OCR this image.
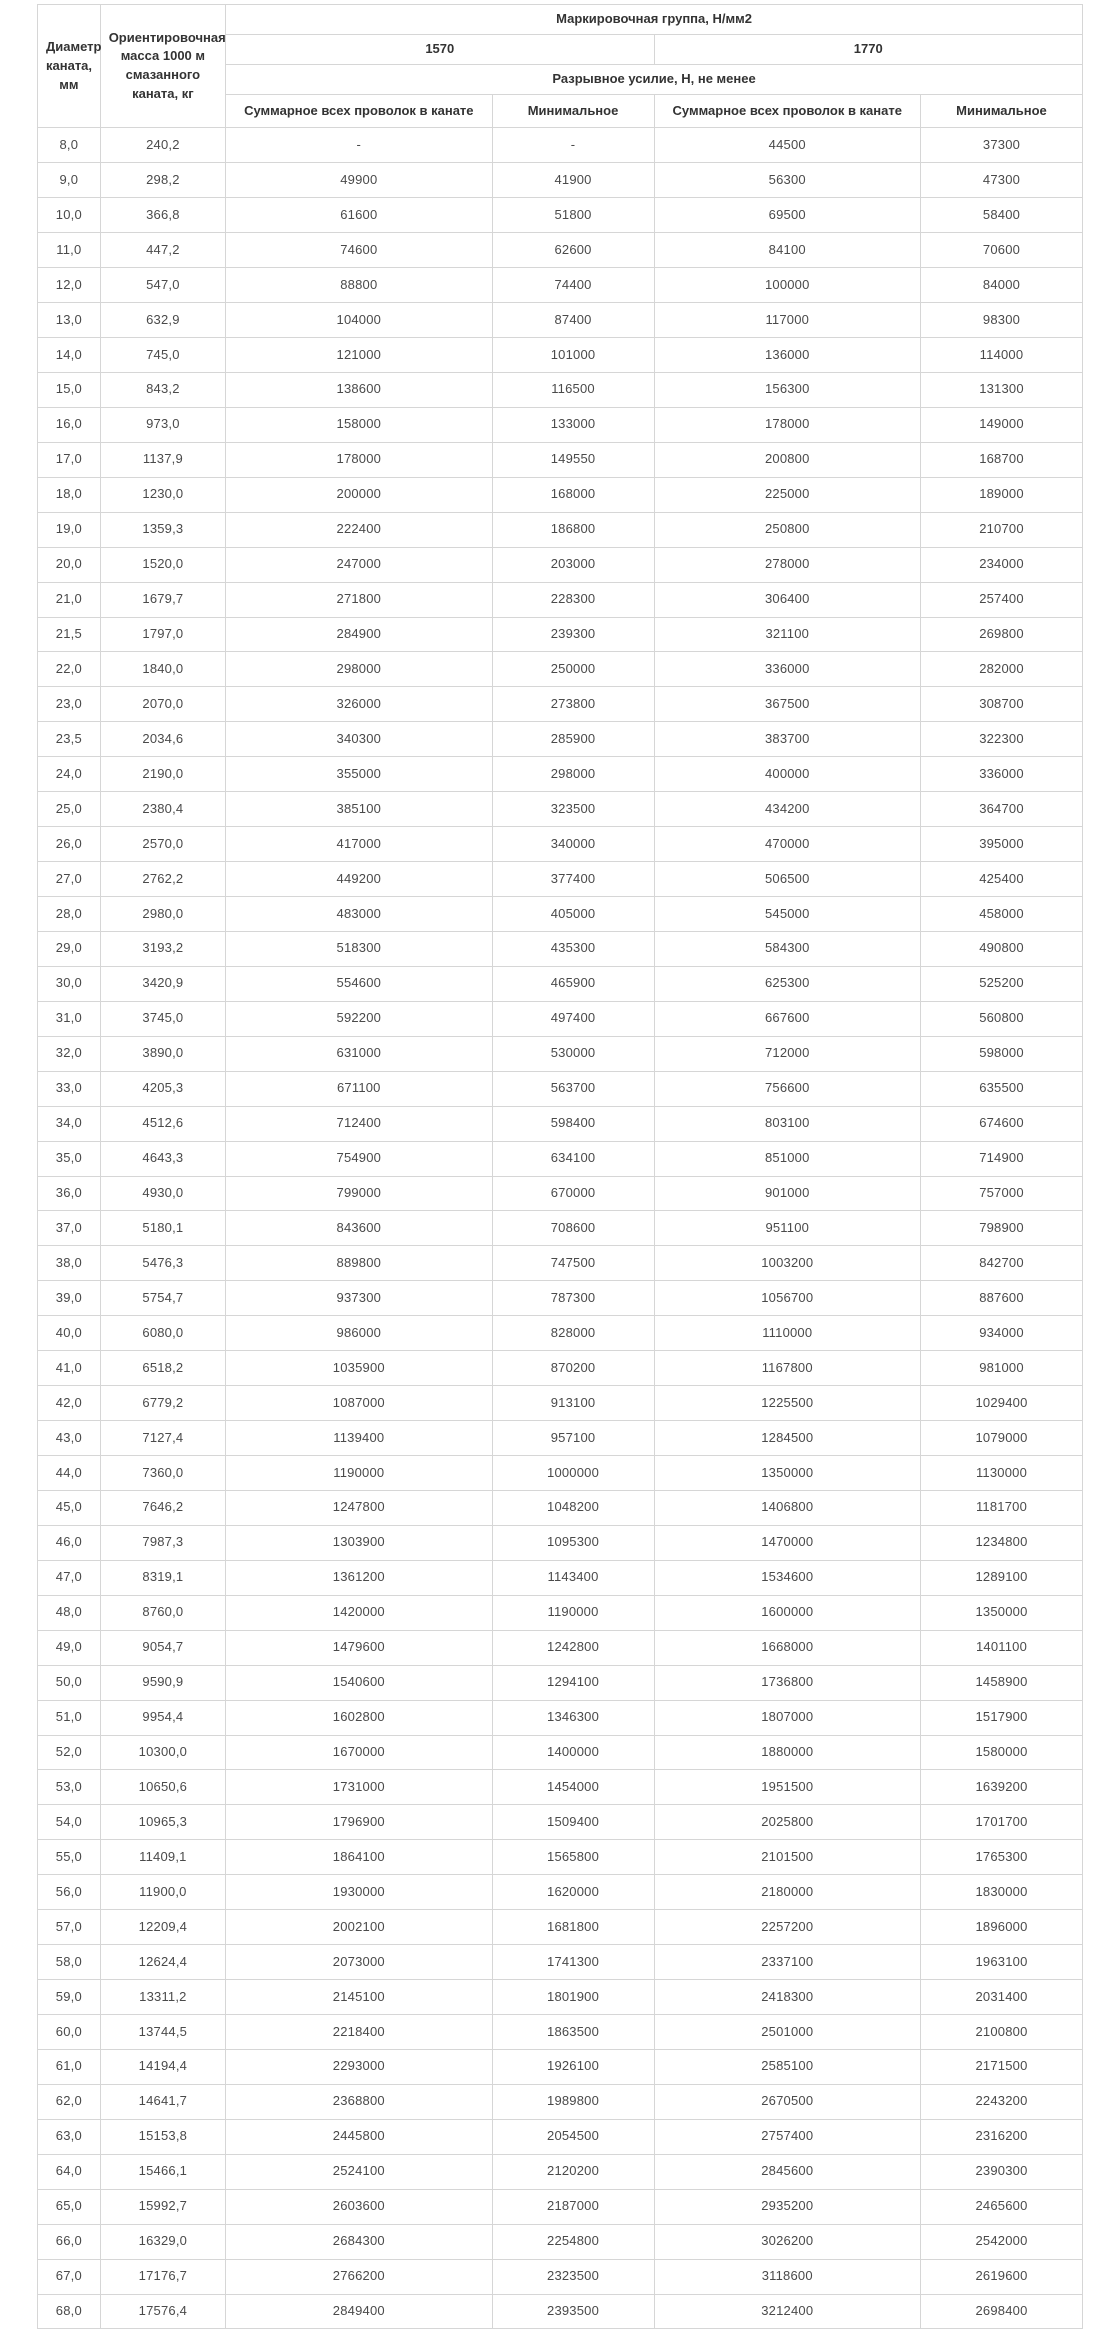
Диаметр каната, мм	Ориентировочная масса 1000 м смазанного каната, кг	Маркировочная группа, Н/мм2			
		1570		1770	
		Разрывное усилие, Н, не менее			
		Суммарное всех проволок в канате	Минимальное	Суммарное всех проволок в канате	Минимальное
8,0	240,2	-	-	44500	37300
9,0	298,2	49900	41900	56300	47300
10,0	366,8	61600	51800	69500	58400
11,0	447,2	74600	62600	84100	70600
12,0	547,0	88800	74400	100000	84000
13,0	632,9	104000	87400	117000	98300
14,0	745,0	121000	101000	136000	114000
15,0	843,2	138600	116500	156300	131300
16,0	973,0	158000	133000	178000	149000
17,0	1137,9	178000	149550	200800	168700
18,0	1230,0	200000	168000	225000	189000
19,0	1359,3	222400	186800	250800	210700
20,0	1520,0	247000	203000	278000	234000
21,0	1679,7	271800	228300	306400	257400
21,5	1797,0	284900	239300	321100	269800
22,0	1840,0	298000	250000	336000	282000
23,0	2070,0	326000	273800	367500	308700
23,5	2034,6	340300	285900	383700	322300
24,0	2190,0	355000	298000	400000	336000
25,0	2380,4	385100	323500	434200	364700
26,0	2570,0	417000	340000	470000	395000
27,0	2762,2	449200	377400	506500	425400
28,0	2980,0	483000	405000	545000	458000
29,0	3193,2	518300	435300	584300	490800
30,0	3420,9	554600	465900	625300	525200
31,0	3745,0	592200	497400	667600	560800
32,0	3890,0	631000	530000	712000	598000
33,0	4205,3	671100	563700	756600	635500
34,0	4512,6	712400	598400	803100	674600
35,0	4643,3	754900	634100	851000	714900
36,0	4930,0	799000	670000	901000	757000
37,0	5180,1	843600	708600	951100	798900
38,0	5476,3	889800	747500	1003200	842700
39,0	5754,7	937300	787300	1056700	887600
40,0	6080,0	986000	828000	1110000	934000
41,0	6518,2	1035900	870200	1167800	981000
42,0	6779,2	1087000	913100	1225500	1029400
43,0	7127,4	1139400	957100	1284500	1079000
44,0	7360,0	1190000	1000000	1350000	1130000
45,0	7646,2	1247800	1048200	1406800	1181700
46,0	7987,3	1303900	1095300	1470000	1234800
47,0	8319,1	1361200	1143400	1534600	1289100
48,0	8760,0	1420000	1190000	1600000	1350000
49,0	9054,7	1479600	1242800	1668000	1401100
50,0	9590,9	1540600	1294100	1736800	1458900
51,0	9954,4	1602800	1346300	1807000	1517900
52,0	10300,0	1670000	1400000	1880000	1580000
53,0	10650,6	1731000	1454000	1951500	1639200
54,0	10965,3	1796900	1509400	2025800	1701700
55,0	11409,1	1864100	1565800	2101500	1765300
56,0	11900,0	1930000	1620000	2180000	1830000
57,0	12209,4	2002100	1681800	2257200	1896000
58,0	12624,4	2073000	1741300	2337100	1963100
59,0	13311,2	2145100	1801900	2418300	2031400
60,0	13744,5	2218400	1863500	2501000	2100800
61,0	14194,4	2293000	1926100	2585100	2171500
62,0	14641,7	2368800	1989800	2670500	2243200
63,0	15153,8	2445800	2054500	2757400	2316200
64,0	15466,1	2524100	2120200	2845600	2390300
65,0	15992,7	2603600	2187000	2935200	2465600
66,0	16329,0	2684300	2254800	3026200	2542000
67,0	17176,7	2766200	2323500	3118600	2619600
68,0	17576,4	2849400	2393500	3212400	2698400
